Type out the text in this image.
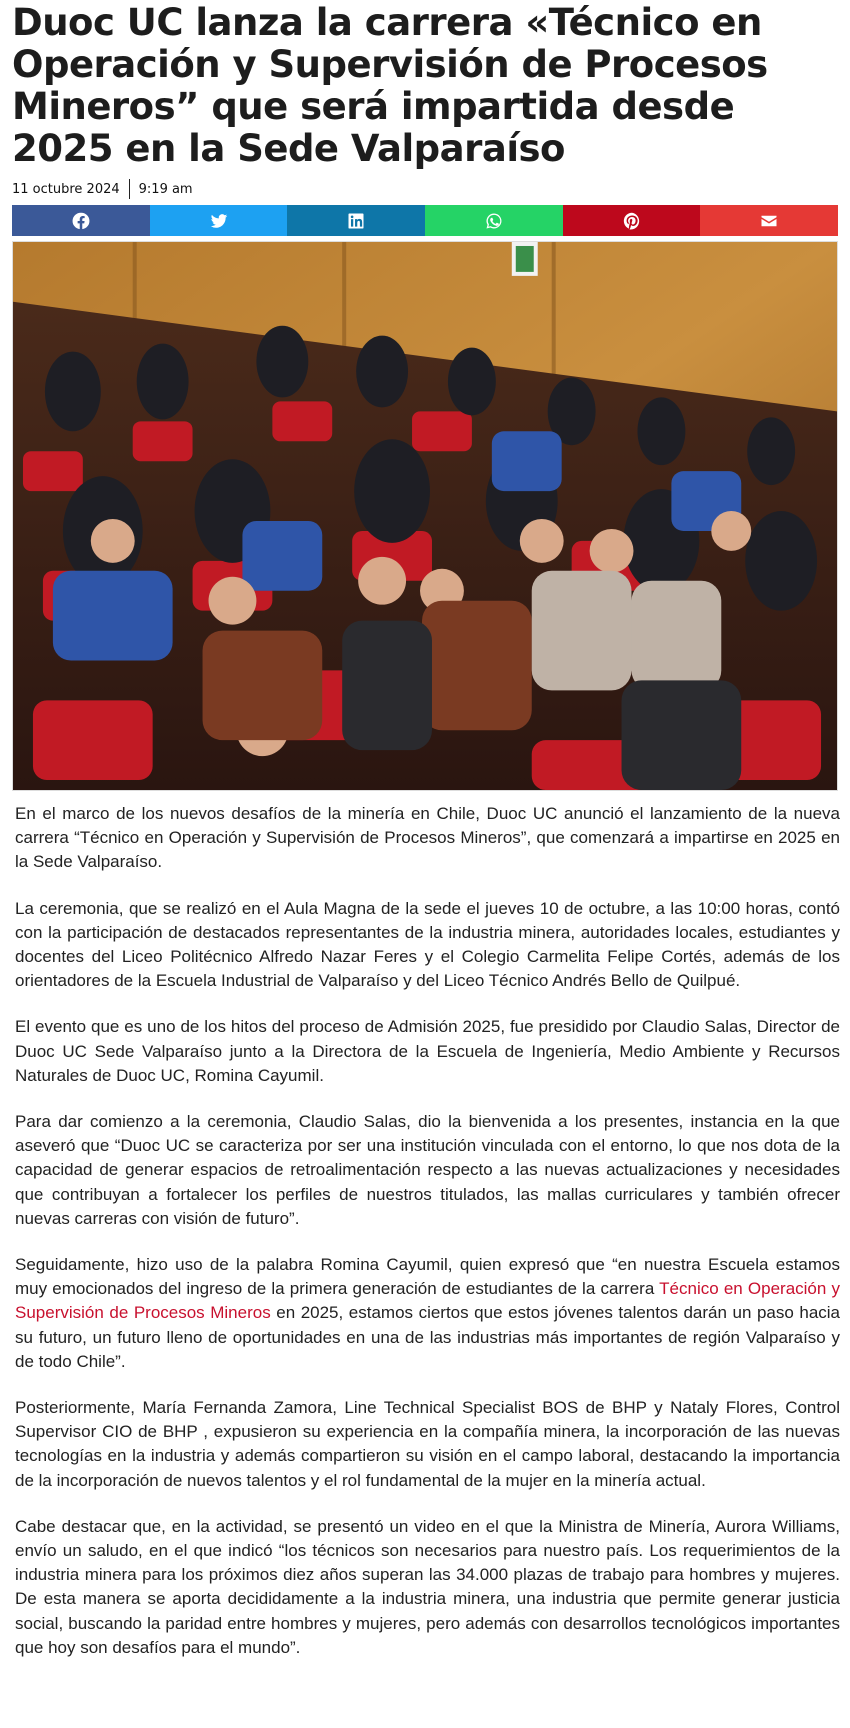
Duoc UC lanza la carrera «Técnico en Operación y Supervisión de Procesos Mineros” que será impartida desde 2025 en la Sede Valparaíso
11 octubre 2024	9:19 am

En el marco de los nuevos desafíos de la minería en Chile, Duoc UC anunció el lanzamiento de la nueva carrera “Técnico en Operación y Supervisión de Procesos Mineros”, que comenzará a impartirse en 2025 en la Sede Valparaíso.

La ceremonia, que se realizó en el Aula Magna de la sede el jueves 10 de octubre, a las 10:00 horas, contó con la participación de destacados representantes de la industria minera, autoridades locales, estudiantes y docentes del Liceo Politécnico Alfredo Nazar Feres y el Colegio Carmelita Felipe Cortés, además de los orientadores de la Escuela Industrial de Valparaíso y del Liceo Técnico Andrés Bello de Quilpué.

El evento que es uno de los hitos del proceso de Admisión 2025, fue presidido por Claudio Salas, Director de Duoc UC Sede Valparaíso junto a la Directora de la Escuela de Ingeniería, Medio Ambiente y Recursos Naturales de Duoc UC, Romina Cayumil.

Para dar comienzo a la ceremonia, Claudio Salas, dio la bienvenida a los presentes, instancia en la que aseveró que “Duoc UC se caracteriza por ser una institución vinculada con el entorno, lo que nos dota de la capacidad de generar espacios de retroalimentación respecto a las nuevas actualizaciones y necesidades que contribuyan a fortalecer los perfiles de nuestros titulados, las mallas curriculares y también ofrecer nuevas carreras con visión de futuro”.

Seguidamente, hizo uso de la palabra Romina Cayumil, quien expresó que “en nuestra Escuela estamos muy emocionados del ingreso de la primera generación de estudiantes de la carrera Técnico en Operación y Supervisión de Procesos Mineros en 2025, estamos ciertos que estos jóvenes talentos darán un paso hacia su futuro, un futuro lleno de oportunidades en una de las industrias más importantes de región Valparaíso y de todo Chile”.

Posteriormente, María Fernanda Zamora, Line Technical Specialist BOS de BHP y Nataly Flores, Control Supervisor CIO de BHP , expusieron su experiencia en la compañía minera, la incorporación de las nuevas tecnologías en la industria y además compartieron su visión en el campo laboral, destacando la importancia de la incorporación de nuevos talentos y el rol fundamental de la mujer en la minería actual.

Cabe destacar que, en la actividad, se presentó un video en el que la Ministra de Minería, Aurora Williams, envío un saludo, en el que indicó “los técnicos son necesarios para nuestro país. Los requerimientos de la industria minera para los próximos diez años superan las 34.000 plazas de trabajo para hombres y mujeres. De esta manera se aporta decididamente a la industria minera, una industria que permite generar justicia social, buscando la paridad entre hombres y mujeres, pero además con desarrollos tecnológicos importantes que hoy son desafíos para el mundo”.
